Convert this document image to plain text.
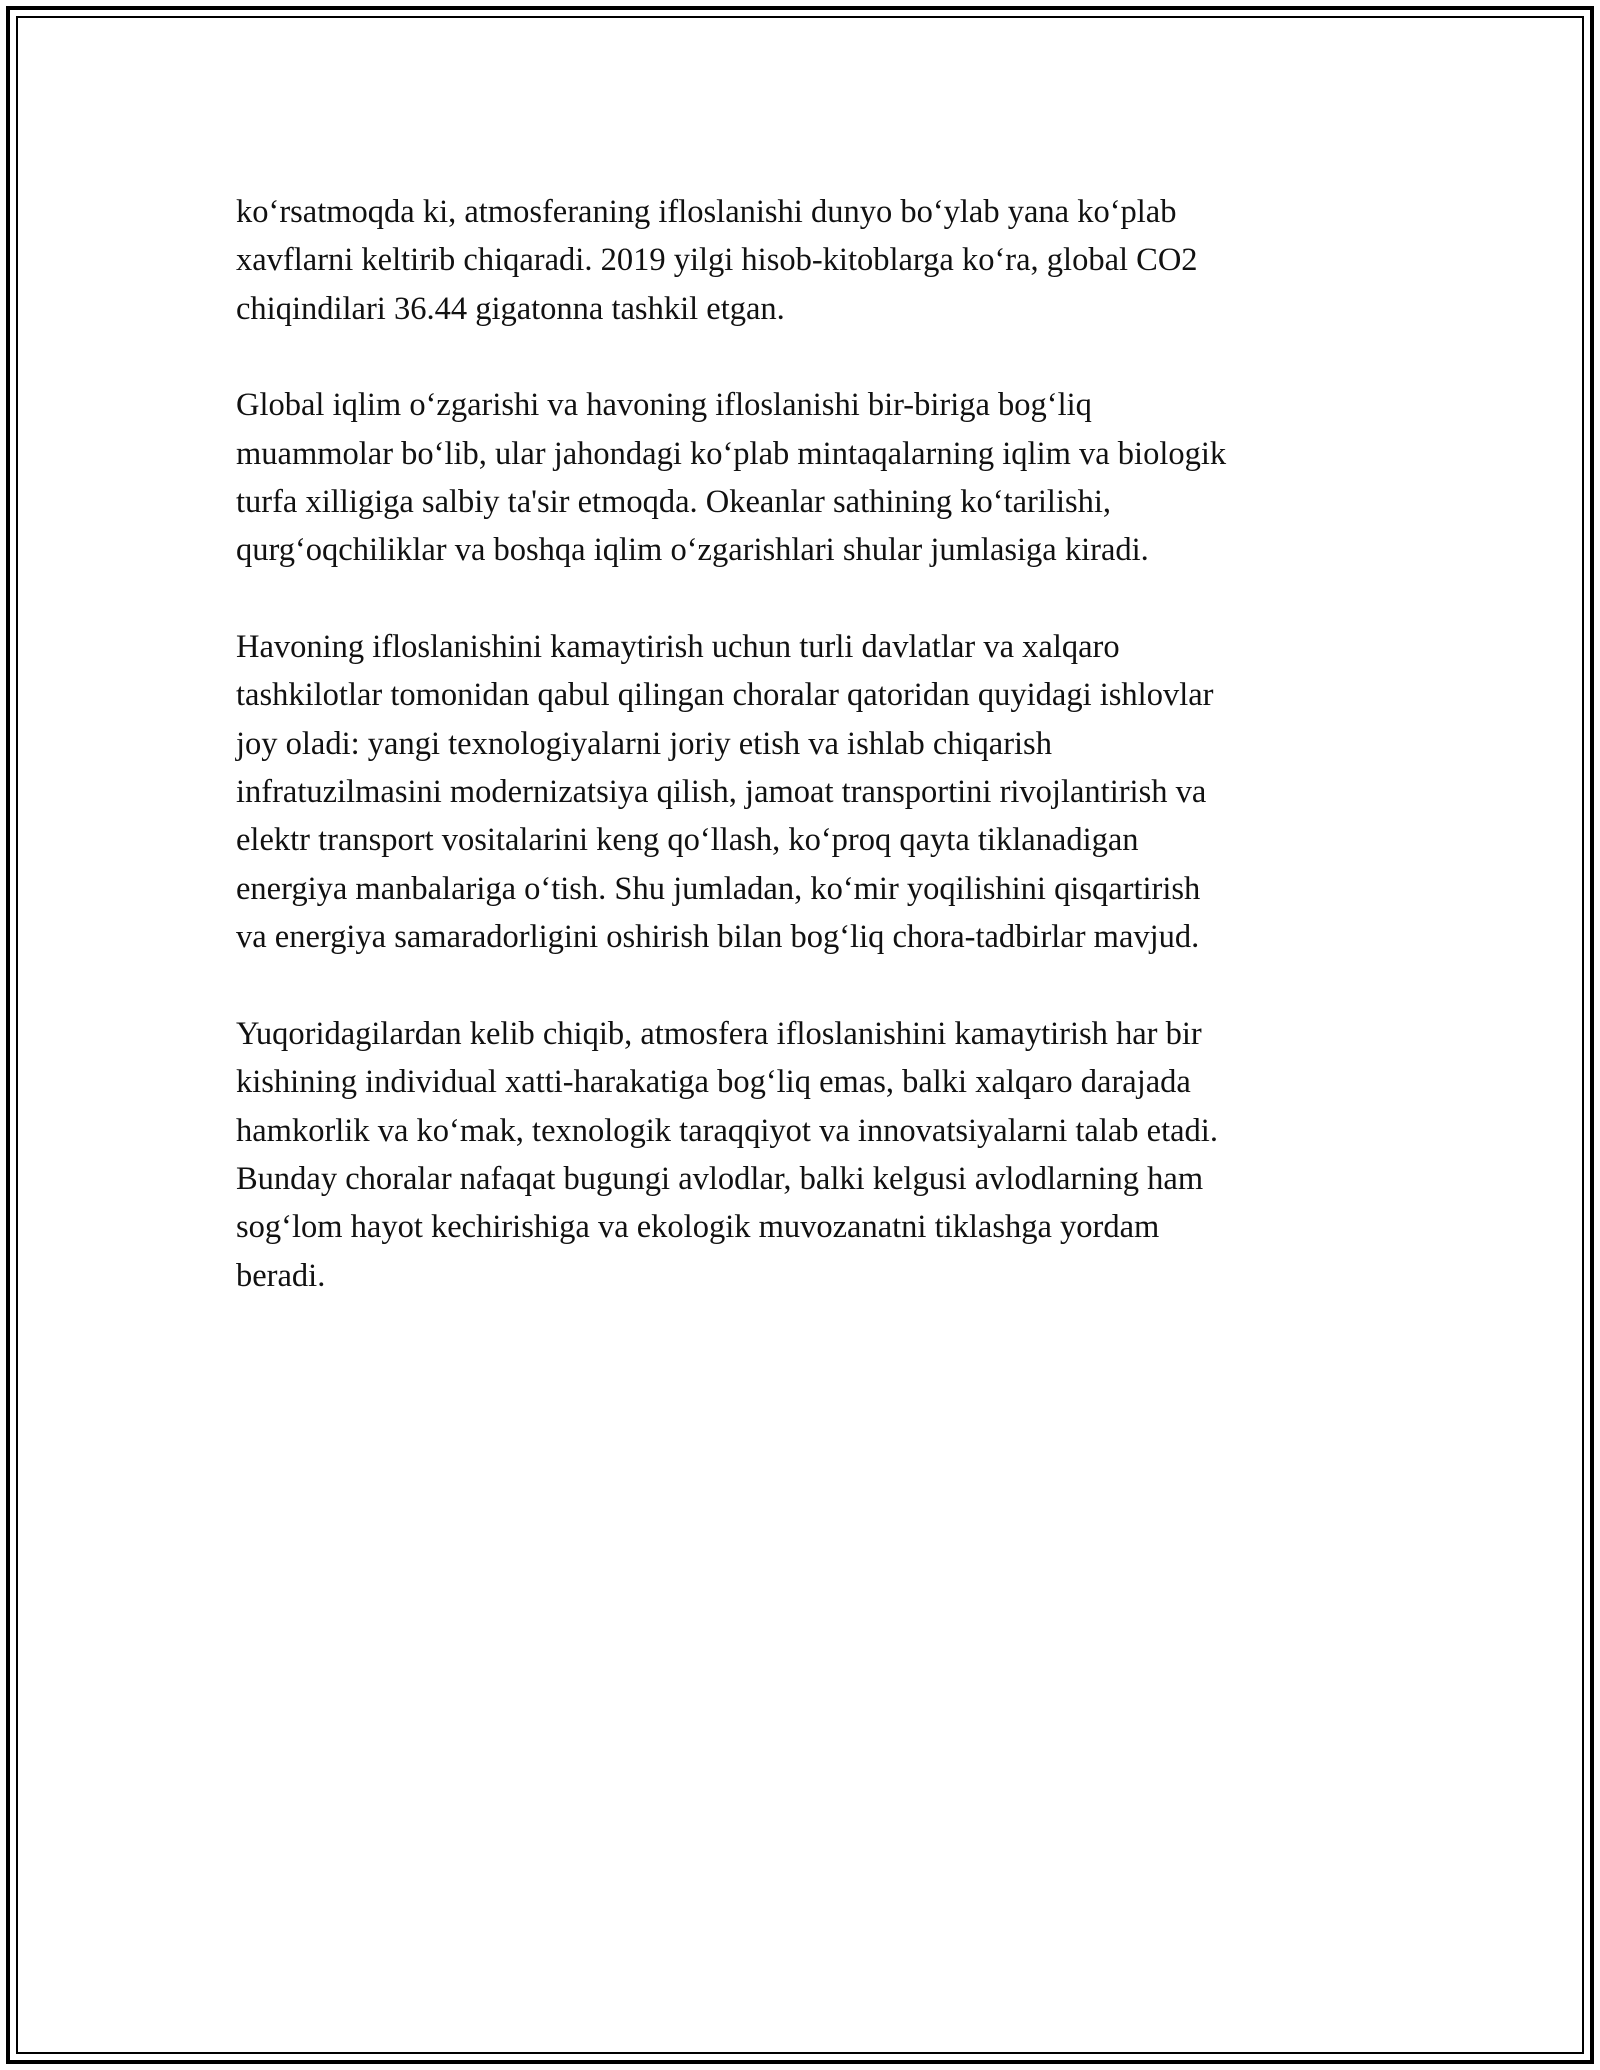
ko‘rsatmoqda ki, atmosferaning ifloslanishi dunyo bo‘ylab yana ko‘plab
xavflarni keltirib chiqaradi. 2019 yilgi hisob-kitoblarga ko‘ra, global CO2
chiqindilari 36.44 gigatonna tashkil etgan.

Global iqlim o‘zgarishi va havoning ifloslanishi bir-biriga bog‘liq
muammolar bo‘lib, ular jahondagi ko‘plab mintaqalarning iqlim va biologik
turfa xilligiga salbiy ta'sir etmoqda. Okeanlar sathining ko‘tarilishi,
qurg‘oqchiliklar va boshqa iqlim o‘zgarishlari shular jumlasiga kiradi.

Havoning ifloslanishini kamaytirish uchun turli davlatlar va xalqaro
tashkilotlar tomonidan qabul qilingan choralar qatoridan quyidagi ishlovlar
joy oladi: yangi texnologiyalarni joriy etish va ishlab chiqarish
infratuzilmasini modernizatsiya qilish, jamoat transportini rivojlantirish va
elektr transport vositalarini keng qo‘llash, ko‘proq qayta tiklanadigan
energiya manbalariga o‘tish. Shu jumladan, ko‘mir yoqilishini qisqartirish
va energiya samaradorligini oshirish bilan bog‘liq chora-tadbirlar mavjud.

Yuqoridagilardan kelib chiqib, atmosfera ifloslanishini kamaytirish har bir
kishining individual xatti-harakatiga bog‘liq emas, balki xalqaro darajada
hamkorlik va ko‘mak, texnologik taraqqiyot va innovatsiyalarni talab etadi.
Bunday choralar nafaqat bugungi avlodlar, balki kelgusi avlodlarning ham
sog‘lom hayot kechirishiga va ekologik muvozanatni tiklashga yordam
beradi.
